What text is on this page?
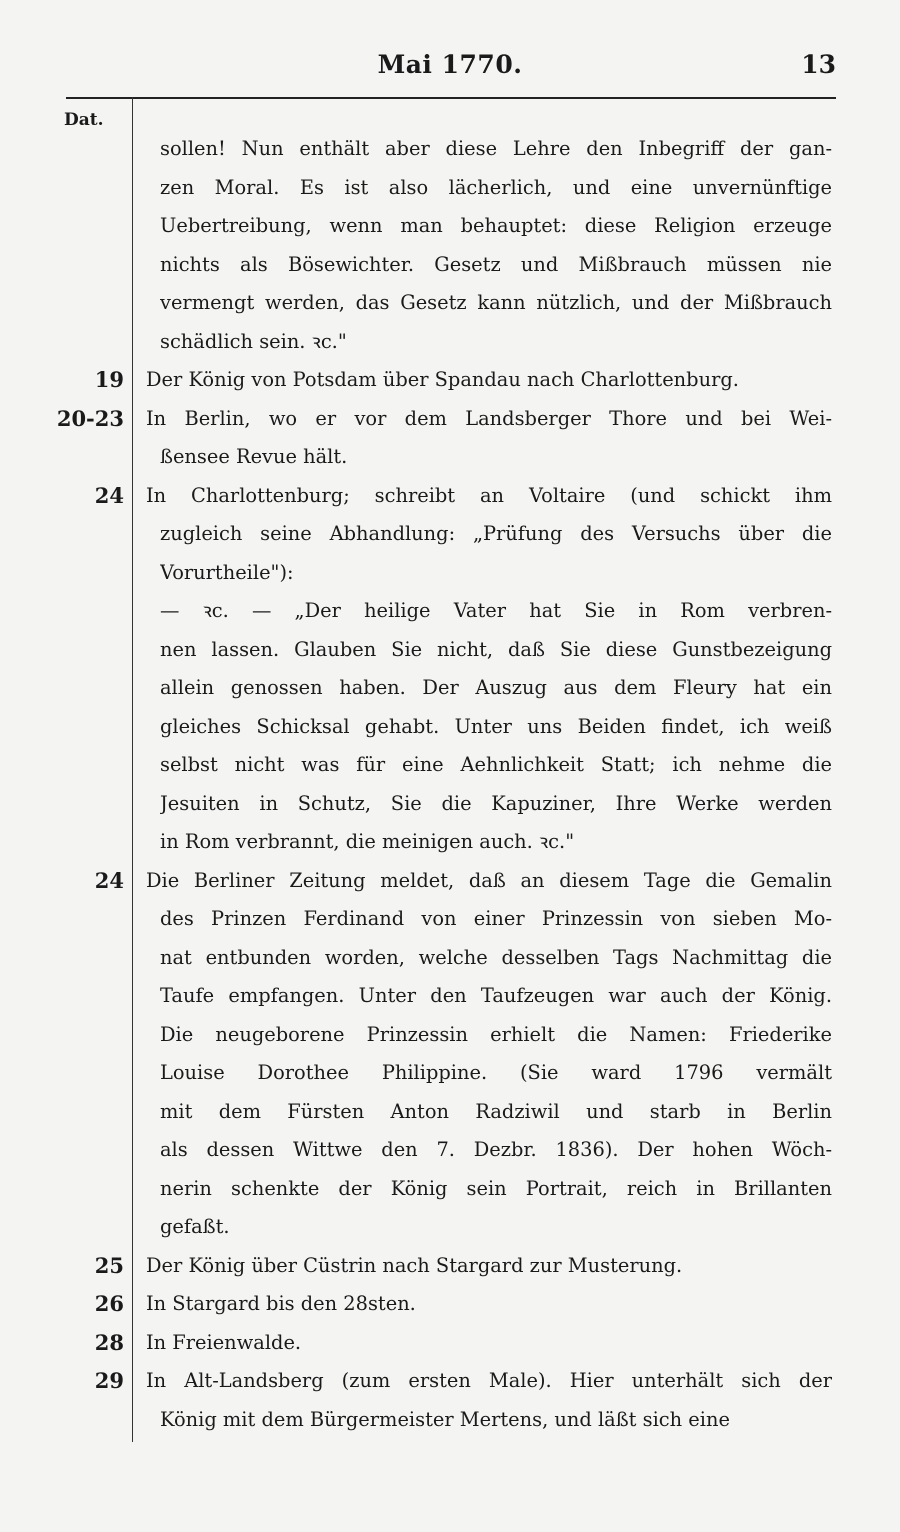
Mai 1770.	13
Dat.
sollen! Nun enthält aber diese Lehre den Inbegriff der gan-
zen Moral. Es ist also lächerlich, und eine unvernünftige
Uebertreibung, wenn man behauptet: diese Religion erzeuge
nichts als Bösewichter. Gesetz und Mißbrauch müssen nie
vermengt werden, das Gesetz kann nützlich, und der Mißbrauch
schädlich sein. ꝛc."
19 Der König von Potsdam über Spandau nach Charlottenburg.
20-23 In Berlin, wo er vor dem Landsberger Thore und bei Wei-
ßensee Revue hält.
24 In Charlottenburg; schreibt an Voltaire (und schickt ihm
zugleich seine Abhandlung: „Prüfung des Versuchs über die
Vorurtheile"):
— ꝛc. — „Der heilige Vater hat Sie in Rom verbren-
nen lassen. Glauben Sie nicht, daß Sie diese Gunstbezeigung
allein genossen haben. Der Auszug aus dem Fleury hat ein
gleiches Schicksal gehabt. Unter uns Beiden findet, ich weiß
selbst nicht was für eine Aehnlichkeit Statt; ich nehme die
Jesuiten in Schutz, Sie die Kapuziner, Ihre Werke werden
in Rom verbrannt, die meinigen auch. ꝛc."
24 Die Berliner Zeitung meldet, daß an diesem Tage die Gemalin
des Prinzen Ferdinand von einer Prinzessin von sieben Mo-
nat entbunden worden, welche desselben Tags Nachmittag die
Taufe empfangen. Unter den Taufzeugen war auch der König.
Die neugeborene Prinzessin erhielt die Namen: Friederike
Louise Dorothee Philippine. (Sie ward 1796 vermält
mit dem Fürsten Anton Radziwil und starb in Berlin
als dessen Wittwe den 7. Dezbr. 1836). Der hohen Wöch-
nerin schenkte der König sein Portrait, reich in Brillanten
gefaßt.
25 Der König über Cüstrin nach Stargard zur Musterung.
26 In Stargard bis den 28sten.
28 In Freienwalde.
29 In Alt-Landsberg (zum ersten Male). Hier unterhält sich der
König mit dem Bürgermeister Mertens, und läßt sich eine
